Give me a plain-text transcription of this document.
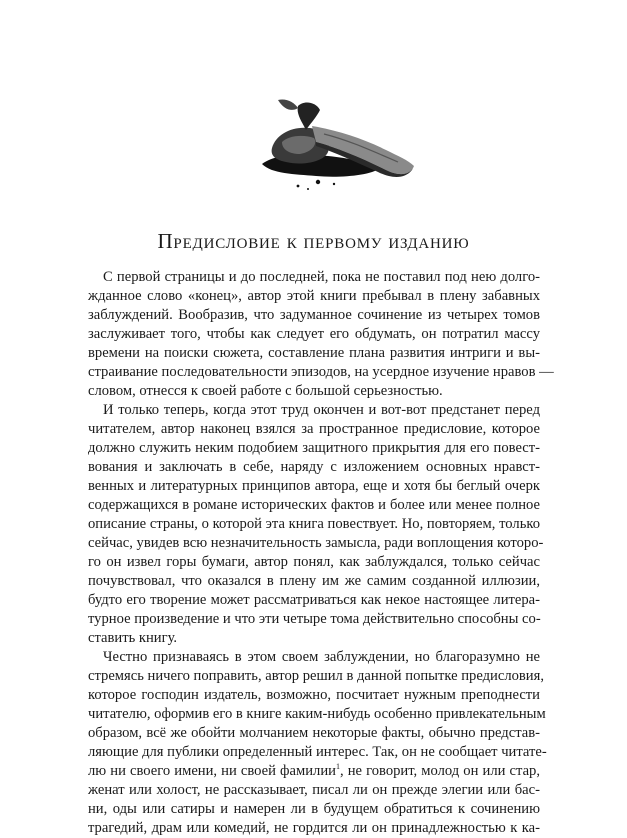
Предисловие к первому изданию
С первой страницы и до последней, пока не поставил под нею долго-
жданное слово «конец», автор этой книги пребывал в плену забавных
заблуждений. Вообразив, что задуманное сочинение из четырех томов
заслуживает того, чтобы как следует его обдумать, он потратил массу
времени на поиски сюжета, составление плана развития интриги и вы-
страивание последовательности эпизодов, на усердное изучение нравов —
словом, отнесся к своей работе с большой серьезностью.
И только теперь, когда этот труд окончен и вот-вот предстанет перед
читателем, автор наконец взялся за пространное предисловие, которое
должно служить неким подобием защитного прикрытия для его повест-
вования и заключать в себе, наряду с изложением основных нравст-
венных и литературных принципов автора, еще и хотя бы беглый очерк
содержащихся в романе исторических фактов и более или менее полное
описание страны, о которой эта книга повествует. Но, повторяем, только
сейчас, увидев всю незначительность замысла, ради воплощения которо-
го он извел горы бумаги, автор понял, как заблуждался, только сейчас
почувствовал, что оказался в плену им же самим созданной иллюзии,
будто его творение может рассматриваться как некое настоящее литера-
турное произведение и что эти четыре тома действительно способны со-
ставить книгу.
Честно признаваясь в этом своем заблуждении, но благоразумно не
стремясь ничего поправить, автор решил в данной попытке предисловия,
которое господин издатель, возможно, посчитает нужным преподнести
читателю, оформив его в книге каким-нибудь особенно привлекательным
образом, всё же обойти молчанием некоторые факты, обычно представ-
ляющие для публики определенный интерес. Так, он не сообщает читате-
лю ни своего имени, ни своей фамилии$^1$, не говорит, молод он или стар,
женат или холост, не рассказывает, писал ли он прежде элегии или бас-
ни, оды или сатиры и намерен ли в будущем обратиться к сочинению
трагедий, драм или комедий, не гордится ли он принадлежностью к ка-
